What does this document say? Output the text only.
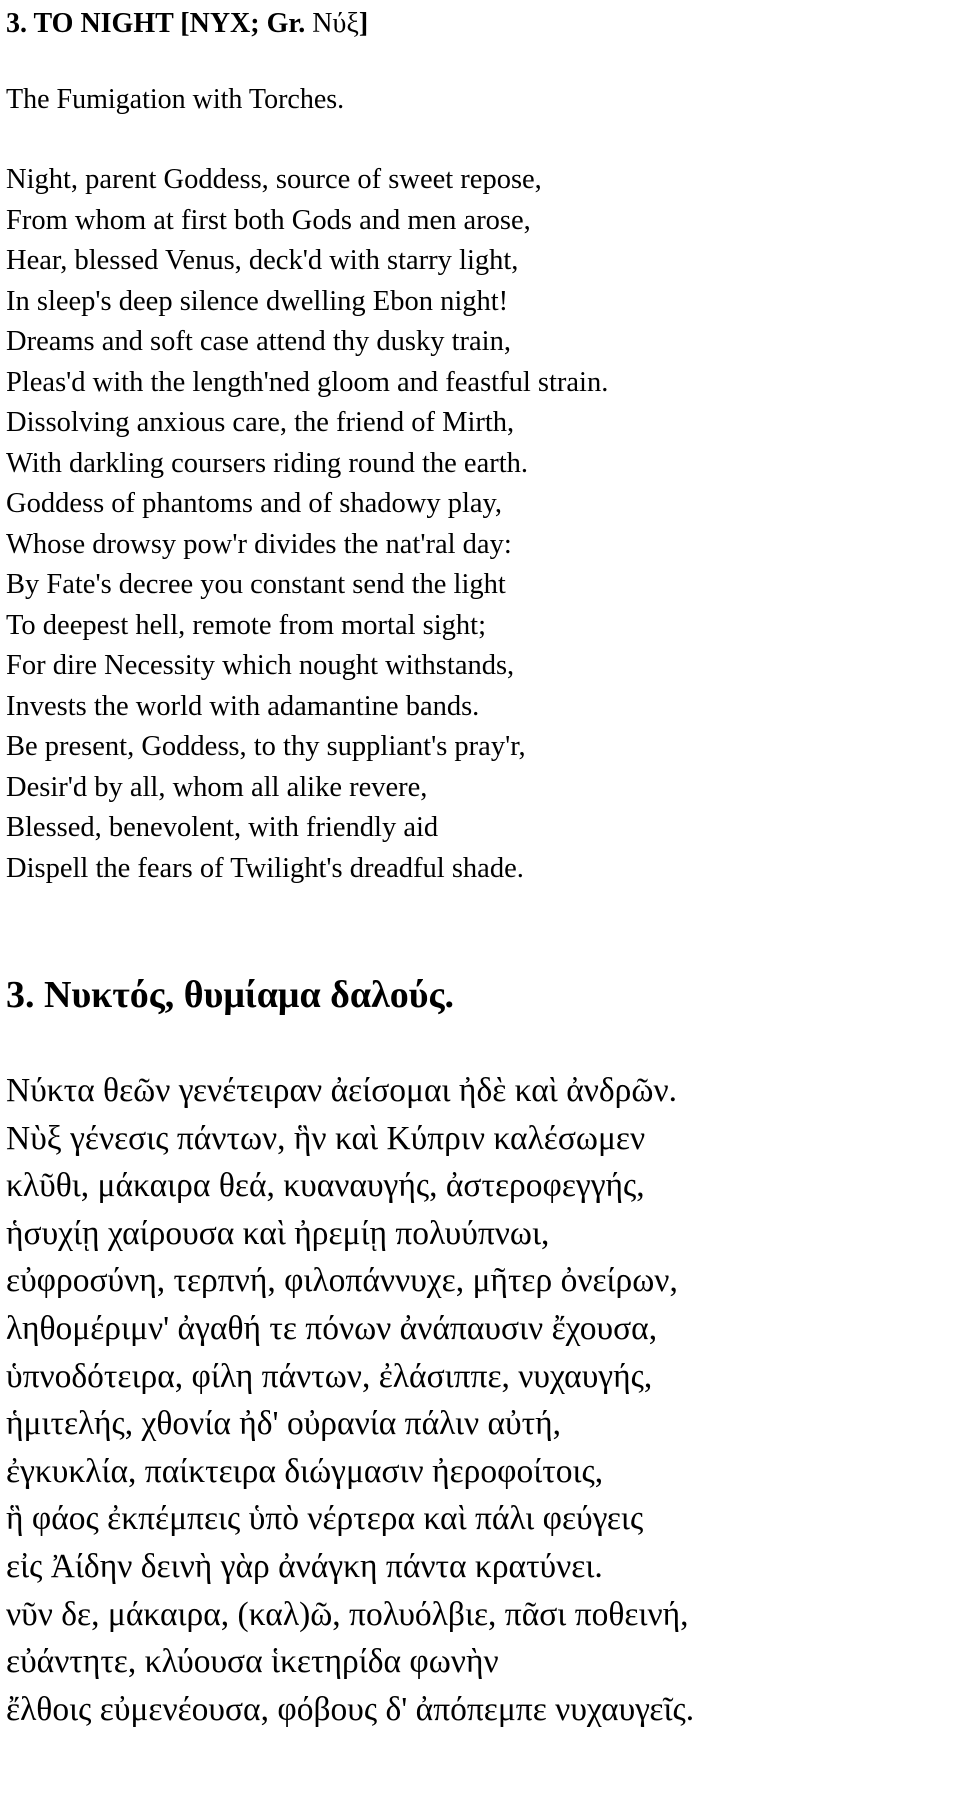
3. TO NIGHT [NYX; Gr. Νύξ]
The Fumigation with Torches.
Night, parent Goddess, source of sweet repose,
From whom at first both Gods and men arose,
Hear, blessed Venus, deck'd with starry light,
In sleep's deep silence dwelling Ebon night!
Dreams and soft case attend thy dusky train,
Pleas'd with the length'ned gloom and feastful strain.
Dissolving anxious care, the friend of Mirth,
With darkling coursers riding round the earth.
Goddess of phantoms and of shadowy play,
Whose drowsy pow'r divides the nat'ral day:
By Fate's decree you constant send the light
To deepest hell, remote from mortal sight;
For dire Necessity which nought withstands,
Invests the world with adamantine bands.
Be present, Goddess, to thy suppliant's pray'r,
Desir'd by all, whom all alike revere,
Blessed, benevolent, with friendly aid
Dispell the fears of Twilight's dreadful shade.
3. Νυκτός, θυμίαμα δαλούς.
Νύκτα θεῶν γενέτειραν ἀείσομαι ἠδὲ καὶ ἀνδρῶν.
Νὺξ γένεσις πάντων, ἣν καὶ Κύπριν καλέσωμεν
κλῦθι, μάκαιρα θεά, κυαναυγής, ἀστεροφεγγής,
ἡσυχίῃ χαίρουσα καὶ ἠρεμίῃ πολυύπνωι,
εὐφροσύνη, τερπνή, φιλοπάννυχε, μῆτερ ὀνείρων,
ληθομέριμν' ἀγαθή τε πόνων ἀνάπαυσιν ἔχουσα,
ὑπνοδότειρα, φίλη πάντων, ἐλάσιππε, νυχαυγής,
ἡμιτελής, χθονία ἠδ' οὐρανία πάλιν αὐτή,
ἐγκυκλία, παίκτειρα διώγμασιν ἠεροφοίτοις,
ἣ φάος ἐκπέμπεις ὑπὸ νέρτερα καὶ πάλι φεύγεις
εἰς Ἀίδην δεινὴ γὰρ ἀνάγκη πάντα κρατύνει.
νῦν δε, μάκαιρα, (καλ)ῶ, πολυόλβιε, πᾶσι ποθεινή,
εὐάντητε, κλύουσα ἱκετηρίδα φωνὴν
ἔλθοις εὐμενέουσα, φόβους δ' ἀπόπεμπε νυχαυγεῖς.
